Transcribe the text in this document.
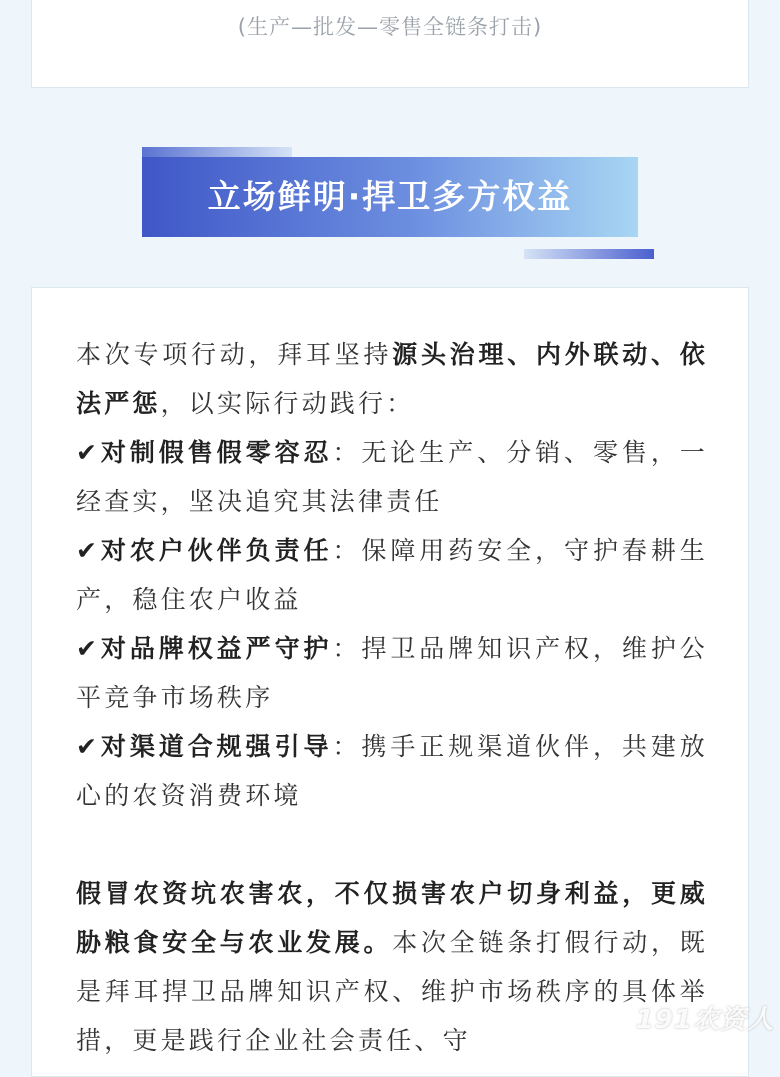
(生产—批发—零售全链条打击)
立场鲜明·捍卫多方权益

本次专项行动，拜耳坚持源头治理、内外联动、依法严惩，以实际行动践行：

✔对制假售假零容忍：无论生产、分销、零售，一经查实，坚决追究其法律责任

✔对农户伙伴负责任：保障用药安全，守护春耕生产，稳住农户收益

✔对品牌权益严守护：捍卫品牌知识产权，维护公平竞争市场秩序

✔对渠道合规强引导：携手正规渠道伙伴，共建放心的农资消费环境

假冒农资坑农害农，不仅损害农户切身利益，更威胁粮食安全与农业发展。本次全链条打假行动，既是拜耳捍卫品牌知识产权、维护市场秩序的具体举措，更是践行企业社会责任、守

191农资人
